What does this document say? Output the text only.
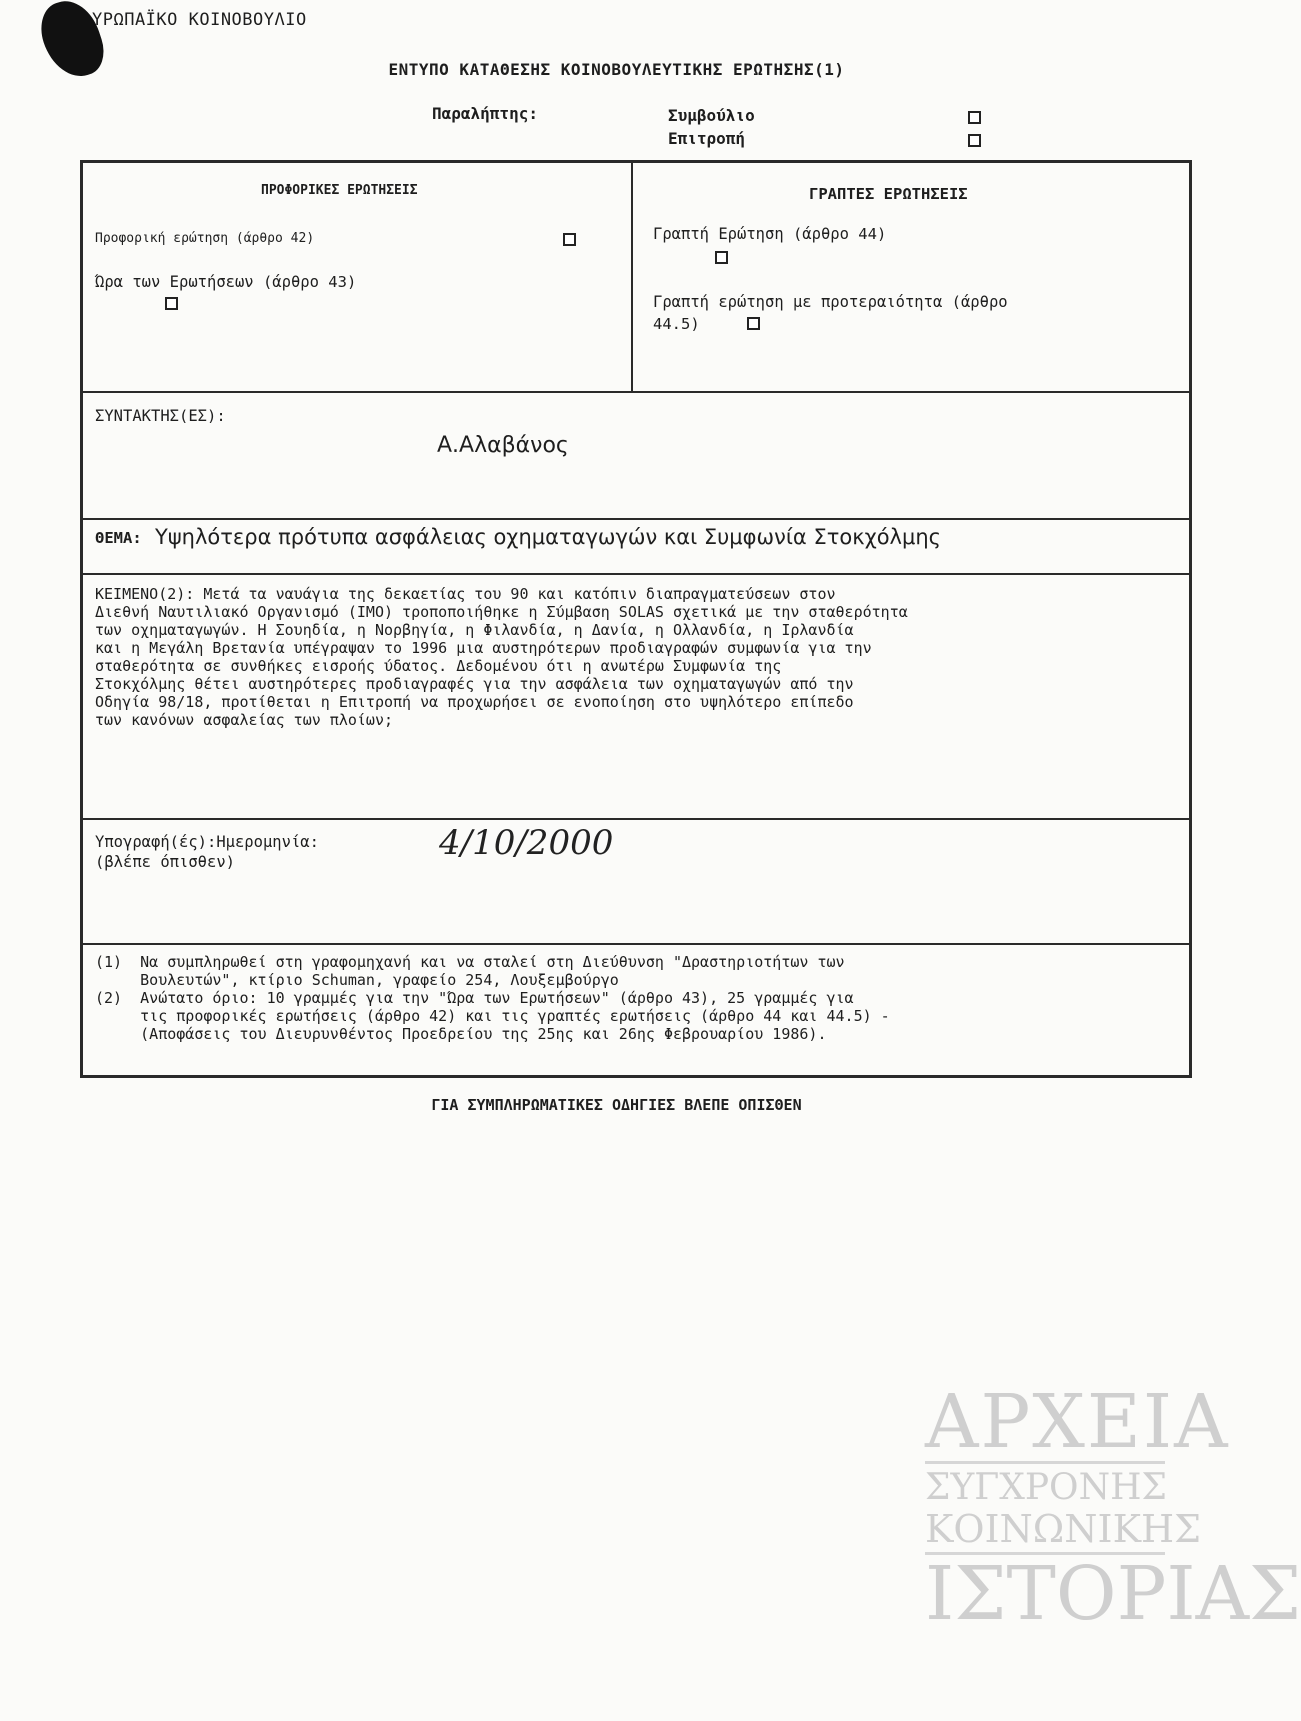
ΥΡΩΠΑΪΚΟ ΚΟΙΝΟΒΟΥΛΙΟ
ΕΝΤΥΠΟ ΚΑΤΑΘΕΣΗΣ ΚΟΙΝΟΒΟΥΛΕΥΤΙΚΗΣ ΕΡΩΤΗΣΗΣ(1)
Παραλήπτης:	Συμβούλιο
Επιτροπή
ΠΡΟΦΟΡΙΚΕΣ ΕΡΩΤΗΣΕΙΣ
Προφορική ερώτηση (άρθρο 42)
Ώρα των Ερωτήσεων (άρθρο 43)
ΓΡΑΠΤΕΣ ΕΡΩΤΗΣΕΙΣ
Γραπτή Ερώτηση (άρθρο 44)
Γραπτή ερώτηση με προτεραιότητα (άρθρο
44.5)
ΣΥΝΤΑΚΤΗΣ(ΕΣ):
Α.Αλαβάνος
ΘΕΜΑ: Υψηλότερα πρότυπα ασφάλειας οχηματαγωγών και Συμφωνία Στοκχόλμης
ΚΕΙΜΕΝΟ(2): Μετά τα ναυάγια της δεκαετίας του 90 και κατόπιν διαπραγματεύσεων στον
Διεθνή Ναυτιλιακό Οργανισμό (ΙΜΟ) τροποποιήθηκε η Σύμβαση SOLAS σχετικά με την σταθερότητα
των οχηματαγωγών. Η Σουηδία, η Νορβηγία, η Φιλανδία, η Δανία, η Ολλανδία, η Ιρλανδία
και η Μεγάλη Βρετανία υπέγραψαν το 1996 μια αυστηρότερων προδιαγραφών συμφωνία για την
σταθερότητα σε συνθήκες εισροής ύδατος. Δεδομένου ότι η ανωτέρω Συμφωνία της
Στοκχόλμης θέτει αυστηρότερες προδιαγραφές για την ασφάλεια των οχηματαγωγών από την
Οδηγία 98/18, προτίθεται η Επιτροπή να προχωρήσει σε ενοποίηση στο υψηλότερο επίπεδο
των κανόνων ασφαλείας των πλοίων;
Υπογραφή(ές):Ημερομηνία:
(βλέπε όπισθεν)	4/10/2000
(1)  Να συμπληρωθεί στη γραφομηχανή και να σταλεί στη Διεύθυνση "Δραστηριοτήτων των
Βουλευτών", κτίριο Schuman, γραφείο 254, Λουξεμβούργο
(2)  Ανώτατο όριο: 10 γραμμές για την "Ώρα των Ερωτήσεων" (άρθρο 43), 25 γραμμές για
τις προφορικές ερωτήσεις (άρθρο 42) και τις γραπτές ερωτήσεις (άρθρο 44 και 44.5) -
(Αποφάσεις του Διευρυνθέντος Προεδρείου της 25ης και 26ης Φεβρουαρίου 1986).
ΓΙΑ ΣΥΜΠΛΗΡΩΜΑΤΙΚΕΣ ΟΔΗΓΙΕΣ ΒΛΕΠΕ ΟΠΙΣΘΕΝ
ΑΡΧΕΙΑ
ΣΥΓΧΡΟΝΗΣ
ΚΟΙΝΩΝΙΚΗΣ
ΙΣΤΟΡΙΑΣ
